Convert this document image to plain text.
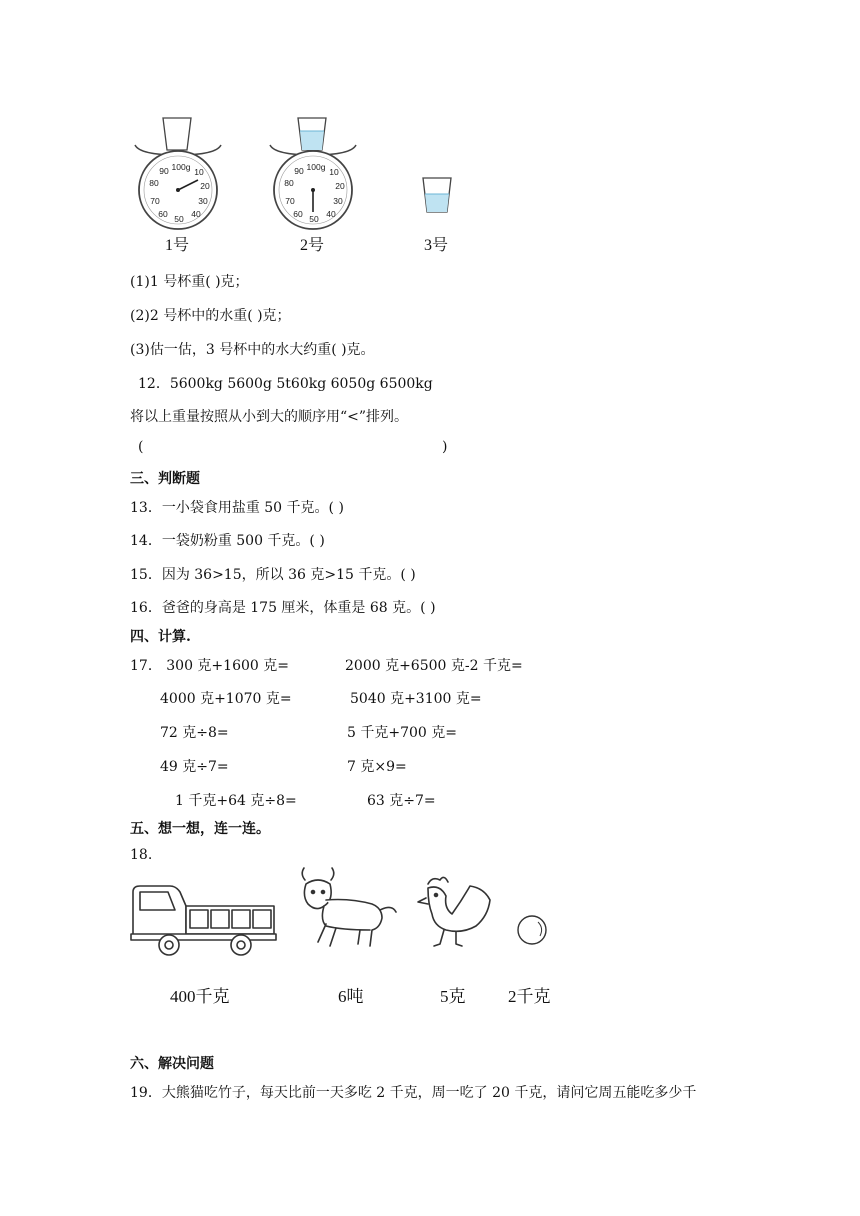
100g 10
20
30
40
50
60
70
80
90	100g 10
20
30
40
50
60
70
80
90
1号	2号	3号
(1)1 号杯重( )克；
(2)2 号杯中的水重( )克；
(3)估一估，3 号杯中的水大约重( )克。
12．5600kg 5600g 5t60kg 6050g 6500kg
将以上重量按照从小到大的顺序用“<”排列。
(	)
三、判断题
13．一小袋食用盐重 50 千克。( )
14．一袋奶粉重 500 千克。( )
15．因为 36>15，所以 36 克>15 千克。( )
16．爸爸的身高是 175 厘米，体重是 68 克。( )
四、计算.
17． 300 克+1600 克=	2000 克+6500 克-2 千克=
4000 克+1070 克=	5040 克+3100 克=
72 克÷8=	5 千克+700 克=
49 克÷7=	7 克×9=
1 千克+64 克÷8=	63 克÷7=
五、想一想，连一连。
18.
400千克	6吨	5克	2千克
六、解决问题
19．大熊猫吃竹子，每天比前一天多吃 2 千克，周一吃了 20 千克，请问它周五能吃多少千
